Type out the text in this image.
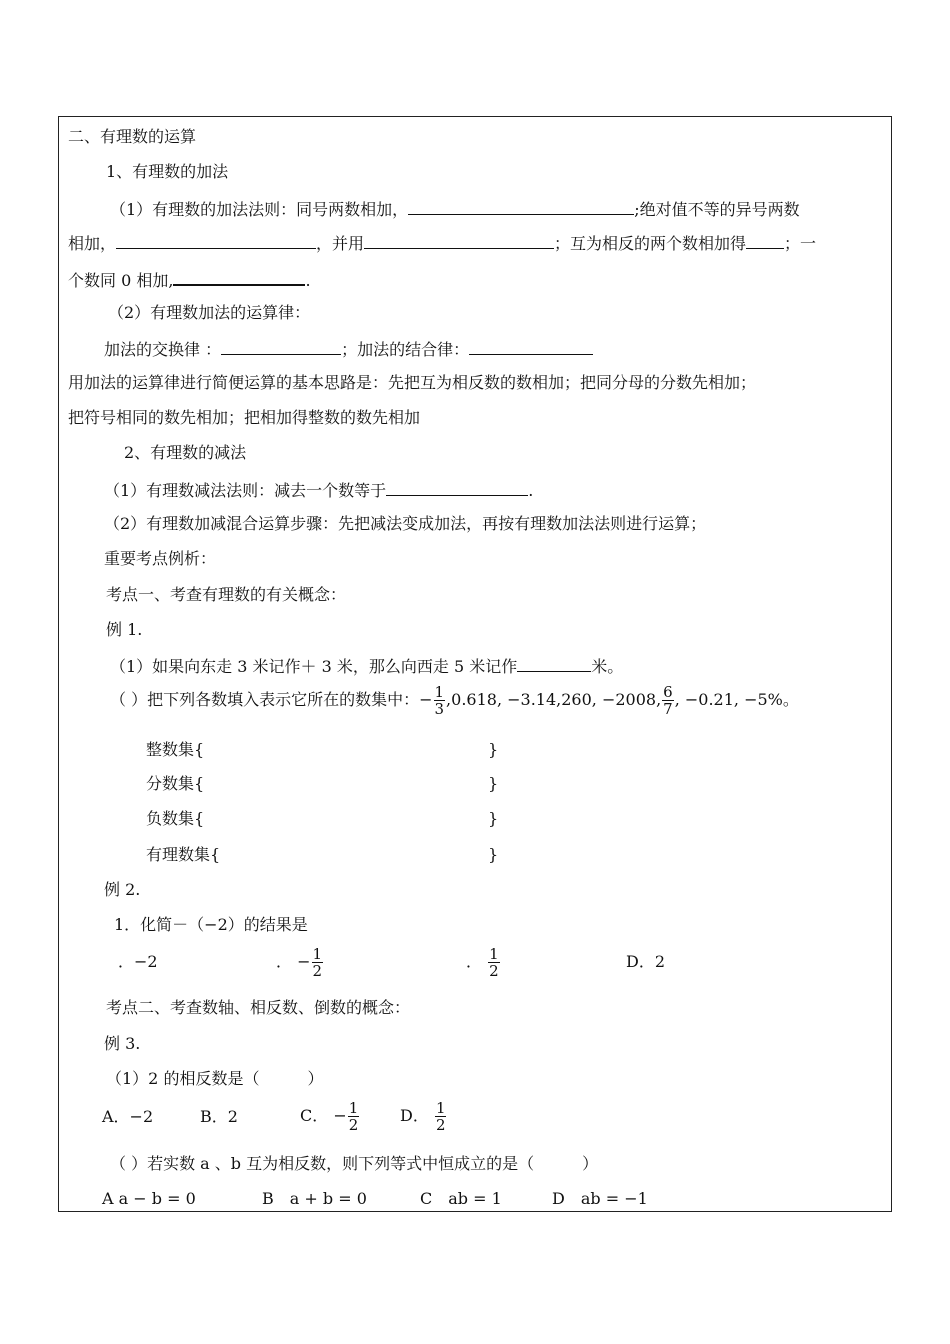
二、有理数的运算
1、有理数的加法
（1）有理数的加法法则：同号两数相加，	;绝对值不等的异号两数
相加，	，并用	；互为相反的两个数相加得 ；一
个数同 0 相加,	.
（2）有理数加法的运算律：
加法的交换律 ：	；加法的结合律：
用加法的运算律进行简便运算的基本思路是：先把互为相反数的数相加；把同分母的分数先相加；
把符号相同的数先相加；把相加得整数的数先相加
2、有理数的减法
（1）有理数减法法则：减去一个数等于	.
（2）有理数加减混合运算步骤：先把减法变成加法，再按有理数加法法则进行运算；
重要考点例析：
考点一、考查有理数的有关概念：
例 1.
（1）如果向东走 3 米记作＋ 3 米，那么向西走 5 米记作	米。
（ ）把下列各数填入表示它所在的数集中：− $\frac{1}{3} ,0.618$, −3.14,260, −2008, $\frac{6}{7}$ , −0.21, −5%。
整数集{	}
分数集{	}
负数集{	}
有理数集{	}
例 2.
1．化简－（−2）的结果是
．−2	． − $\frac{1}{2}$	． $\frac{1}{2}$	D．2
考点二、考查数轴、相反数、倒数的概念：
例 3.
（1）2 的相反数是（　　　）
A．−2	B．2	C． − $\frac{1}{2}$	D． $\frac{1}{2}$
（ ）若实数 a 、b 互为相反数，则下列等式中恒成立的是（　　　）
A a − b = 0	B　a + b = 0	C　ab = 1	D　ab = −1
